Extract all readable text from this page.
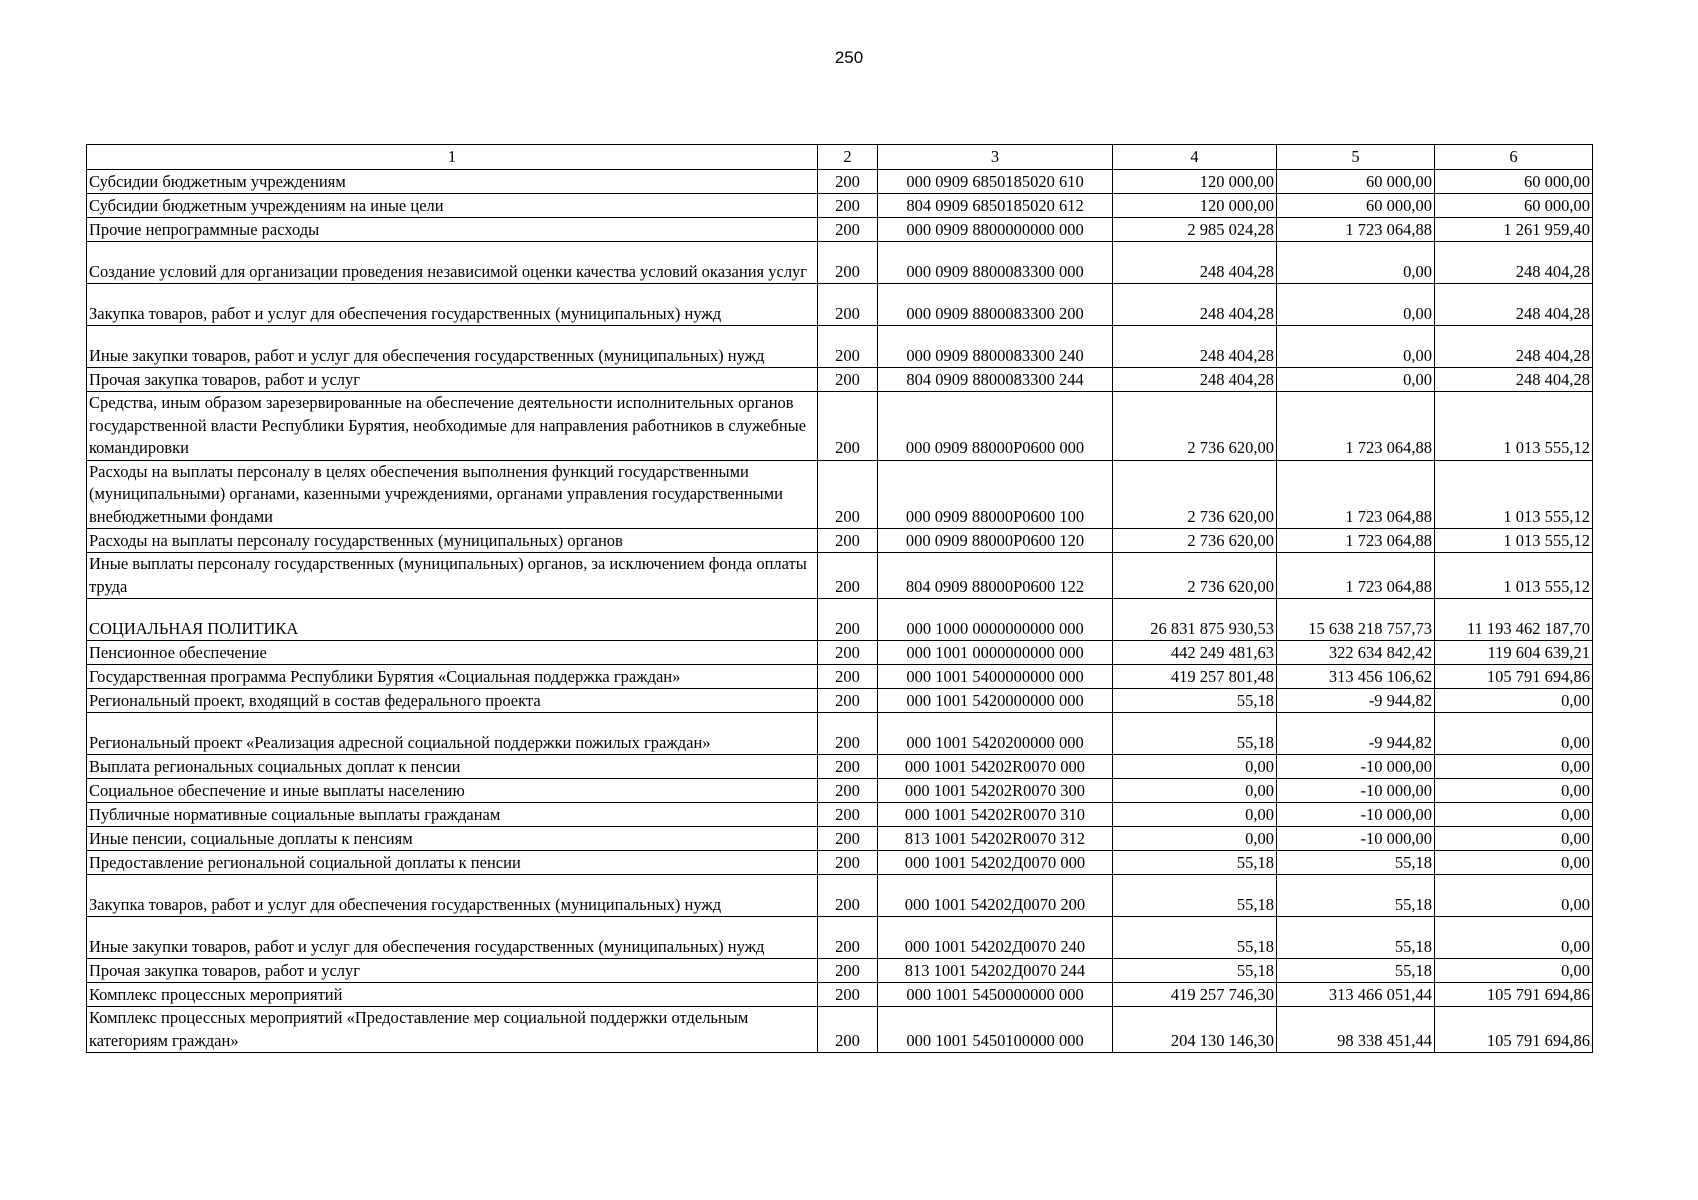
250
1	2	3	4	5	6
Субсидии бюджетным учреждениям	200	000 0909 6850185020 610	120 000,00	60 000,00	60 000,00
Субсидии бюджетным учреждениям на иные цели	200	804 0909 6850185020 612	120 000,00	60 000,00	60 000,00
Прочие непрограммные расходы	200	000 0909 8800000000 000	2 985 024,28	1 723 064,88	1 261 959,40
Создание условий для организации проведения независимой оценки качества условий оказания услуг	200	000 0909 8800083300 000	248 404,28	0,00	248 404,28
Закупка товаров, работ и услуг для обеспечения государственных (муниципальных) нужд	200	000 0909 8800083300 200	248 404,28	0,00	248 404,28
Иные закупки товаров, работ и услуг для обеспечения государственных (муниципальных) нужд	200	000 0909 8800083300 240	248 404,28	0,00	248 404,28
Прочая закупка товаров, работ и услуг	200	804 0909 8800083300 244	248 404,28	0,00	248 404,28
Средства, иным образом зарезервированные на обеспечение деятельности исполнительных органов государственной власти Республики Бурятия, необходимые для направления работников в служебные командировки	200	000 0909 88000Р0600 000	2 736 620,00	1 723 064,88	1 013 555,12
Расходы на выплаты персоналу в целях обеспечения выполнения функций государственными (муниципальными) органами, казенными учреждениями, органами управления государственными внебюджетными фондами	200	000 0909 88000Р0600 100	2 736 620,00	1 723 064,88	1 013 555,12
Расходы на выплаты персоналу государственных (муниципальных) органов	200	000 0909 88000Р0600 120	2 736 620,00	1 723 064,88	1 013 555,12
Иные выплаты персоналу государственных (муниципальных) органов, за исключением фонда оплаты труда	200	804 0909 88000Р0600 122	2 736 620,00	1 723 064,88	1 013 555,12
СОЦИАЛЬНАЯ ПОЛИТИКА	200	000 1000 0000000000 000	26 831 875 930,53	15 638 218 757,73	11 193 462 187,70
Пенсионное обеспечение	200	000 1001 0000000000 000	442 249 481,63	322 634 842,42	119 604 639,21
Государственная программа Республики Бурятия «Социальная поддержка граждан»	200	000 1001 5400000000 000	419 257 801,48	313 456 106,62	105 791 694,86
Региональный проект, входящий в состав федерального проекта	200	000 1001 5420000000 000	55,18	-9 944,82	0,00
Региональный проект «Реализация адресной социальной поддержки пожилых граждан»	200	000 1001 5420200000 000	55,18	-9 944,82	0,00
Выплата региональных социальных доплат к пенсии	200	000 1001 54202R0070 000	0,00	-10 000,00	0,00
Социальное обеспечение и иные выплаты населению	200	000 1001 54202R0070 300	0,00	-10 000,00	0,00
Публичные нормативные социальные выплаты гражданам	200	000 1001 54202R0070 310	0,00	-10 000,00	0,00
Иные пенсии, социальные доплаты к пенсиям	200	813 1001 54202R0070 312	0,00	-10 000,00	0,00
Предоставление региональной социальной доплаты к пенсии	200	000 1001 54202Д0070 000	55,18	55,18	0,00
Закупка товаров, работ и услуг для обеспечения государственных (муниципальных) нужд	200	000 1001 54202Д0070 200	55,18	55,18	0,00
Иные закупки товаров, работ и услуг для обеспечения государственных (муниципальных) нужд	200	000 1001 54202Д0070 240	55,18	55,18	0,00
Прочая закупка товаров, работ и услуг	200	813 1001 54202Д0070 244	55,18	55,18	0,00
Комплекс процессных мероприятий	200	000 1001 5450000000 000	419 257 746,30	313 466 051,44	105 791 694,86
Комплекс процессных мероприятий «Предоставление мер социальной поддержки отдельным категориям граждан»	200	000 1001 5450100000 000	204 130 146,30	98 338 451,44	105 791 694,86
